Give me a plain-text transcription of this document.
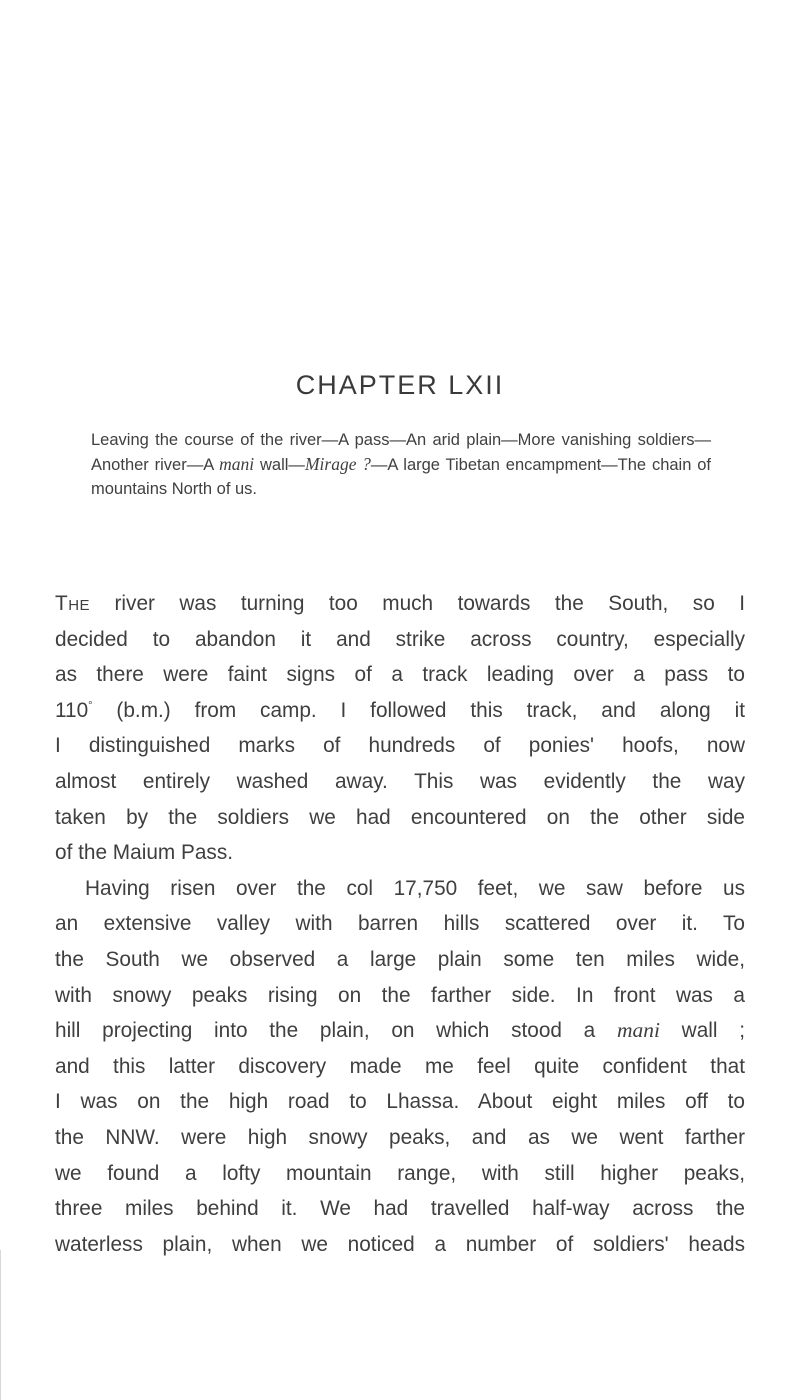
CHAPTER LXII

Leaving the course of the river—A pass—An arid plain—More vanishing soldiers—Another river—A mani wall—Mirage ?—A large Tibetan encampment—The chain of mountains North of us.

The river was turning too much towards the South, so I
decided to abandon it and strike across country, especially
as there were faint signs of a track leading over a pass to
110° (b.m.) from camp. I followed this track, and along it
I distinguished marks of hundreds of ponies' hoofs, now
almost entirely washed away. This was evidently the way
taken by the soldiers we had encountered on the other side
of the Maium Pass.
Having risen over the col 17,750 feet, we saw before us
an extensive valley with barren hills scattered over it. To
the South we observed a large plain some ten miles wide,
with snowy peaks rising on the farther side. In front was a
hill projecting into the plain, on which stood a mani wall ;
and this latter discovery made me feel quite confident that
I was on the high road to Lhassa. About eight miles off to
the NNW. were high snowy peaks, and as we went farther
we found a lofty mountain range, with still higher peaks,
three miles behind it. We had travelled half-way across the
waterless plain, when we noticed a number of soldiers' heads
